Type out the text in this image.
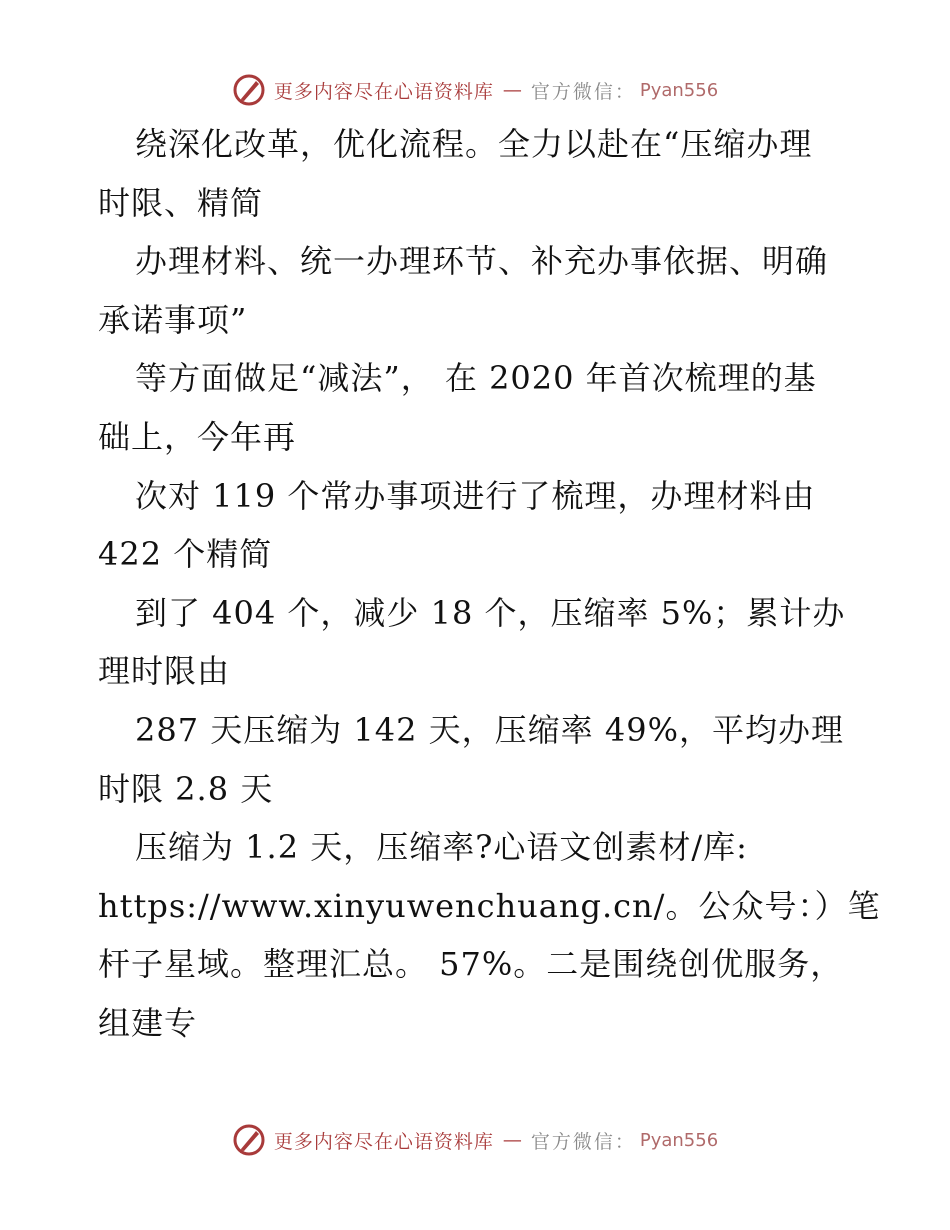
更多内容尽在心语资料库 — 官方微信： Pyan556
绕深化改革，优化流程。全力以赴在“压缩办理
时限、精简
办理材料、统一办理环节、补充办事依据、明确
承诺事项”
等方面做足“减法”， 在 2020 年首次梳理的基
础上，今年再
次对 119 个常办事项进行了梳理，办理材料由
422 个精简
到了 404 个，减少 18 个，压缩率 5%；累计办
理时限由
287 天压缩为 142 天，压缩率 49%，平均办理
时限 2.8 天
压缩为 1.2 天，压缩率?心语文创素材/库:
https://www.xinyuwenchuang.cn/。公众号：）笔
杆子星域。整理汇总。 57%。二是围绕创优服务，
组建专
更多内容尽在心语资料库 — 官方微信： Pyan556
